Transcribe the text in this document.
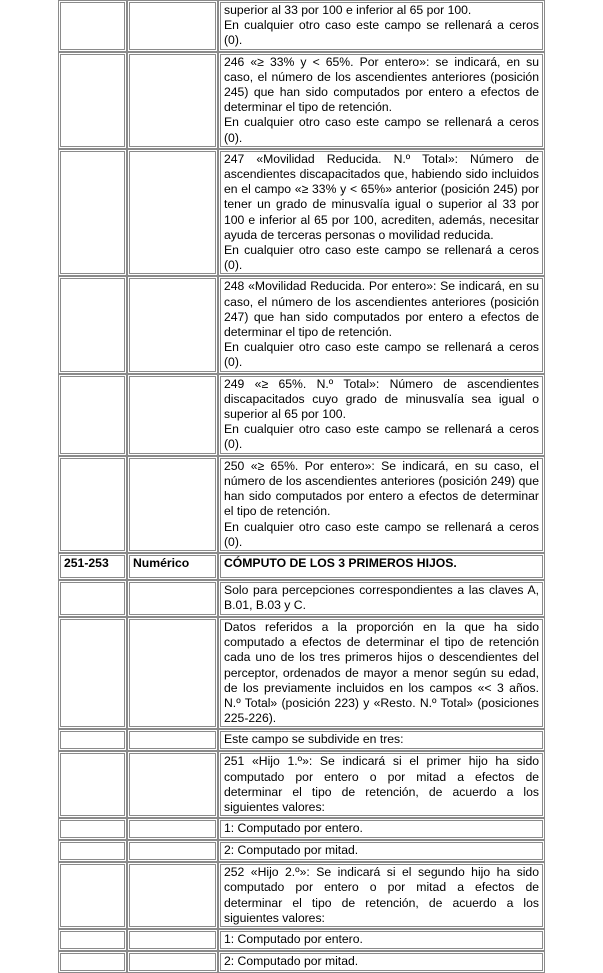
		superior al 33 por 100 e inferior al 65 por 100.

En cualquier otro caso este campo se rellenará a ceros (0).

		246 «≥ 33% y < 65%. Por entero»: se indicará, en su caso, el número de los ascendientes anteriores (posición 245) que han sido computados por entero a efectos de determinar el tipo de retención.

En cualquier otro caso este campo se rellenará a ceros (0).

		247 «Movilidad Reducida. N.º Total»: Número de ascendientes discapacitados que, habiendo sido incluidos en el campo «≥ 33% y < 65%» anterior (posición 245) por tener un grado de minusvalía igual o superior al 33 por 100 e inferior al 65 por 100, acrediten, además, necesitar ayuda de terceras personas o movilidad reducida.

En cualquier otro caso este campo se rellenará a ceros (0).

		248 «Movilidad Reducida. Por entero»: Se indicará, en su caso, el número de los ascendientes anteriores (posición 247) que han sido computados por entero a efectos de determinar el tipo de retención.

En cualquier otro caso este campo se rellenará a ceros (0).

		249 «≥ 65%. N.º Total»: Número de ascendientes discapacitados cuyo grado de minusvalía sea igual o superior al 65 por 100.

En cualquier otro caso este campo se rellenará a ceros (0).

		250 «≥ 65%. Por entero»: Se indicará, en su caso, el número de los ascendientes anteriores (posición 249) que han sido computados por entero a efectos de determinar el tipo de retención.

En cualquier otro caso este campo se rellenará a ceros (0).

251-253	Numérico	CÓMPUTO DE LOS 3 PRIMEROS HIJOS.

		Solo para percepciones correspondientes a las claves A, B.01, B.03 y C.

		Datos referidos a la proporción en la que ha sido computado a efectos de determinar el tipo de retención cada uno de los tres primeros hijos o descendientes del perceptor, ordenados de mayor a menor según su edad, de los previamente incluidos en los campos «< 3 años. N.º Total» (posición 223) y «Resto. N.º Total» (posiciones 225-226).

		Este campo se subdivide en tres:

		251 «Hijo 1.º»: Se indicará si el primer hijo ha sido computado por entero o por mitad a efectos de determinar el tipo de retención, de acuerdo a los siguientes valores:

		1: Computado por entero.

		2: Computado por mitad.

		252 «Hijo 2.º»: Se indicará si el segundo hijo ha sido computado por entero o por mitad a efectos de determinar el tipo de retención, de acuerdo a los siguientes valores:

		1: Computado por entero.

		2: Computado por mitad.
